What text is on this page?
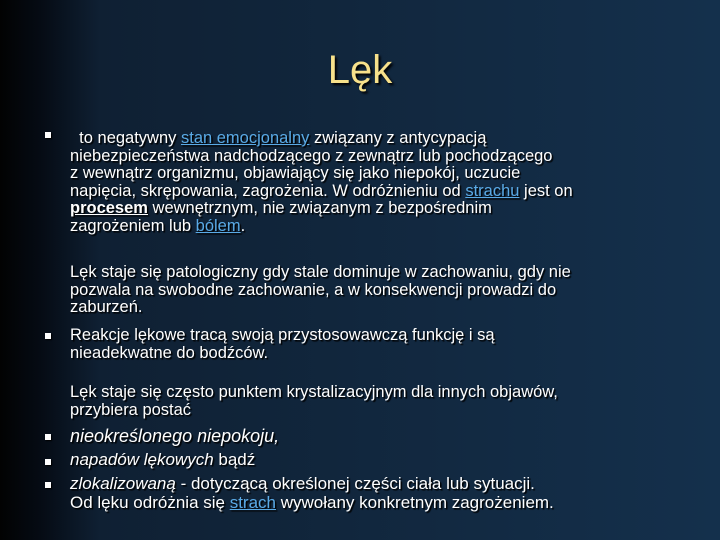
Lęk
to negatywny stan emocjonalny związany z antycypacją
niebezpieczeństwa nadchodzącego z zewnątrz lub pochodzącego
z wewnątrz organizmu, objawiający się jako niepokój, uczucie
napięcia, skrępowania, zagrożenia. W odróżnieniu od strachu jest on
procesem wewnętrznym, nie związanym z bezpośrednim
zagrożeniem lub bólem.
Lęk staje się patologiczny gdy stale dominuje w zachowaniu, gdy nie
pozwala na swobodne zachowanie, a w konsekwencji prowadzi do
zaburzeń.
Reakcje lękowe tracą swoją przystosowawczą funkcję i są
nieadekwatne do bodźców.
Lęk staje się często punktem krystalizacyjnym dla innych objawów,
przybiera postać
nieokreślonego niepokoju,
napadów lękowych bądź
zlokalizowaną - dotyczącą określonej części ciała lub sytuacji.
Od lęku odróżnia się strach wywołany konkretnym zagrożeniem.
